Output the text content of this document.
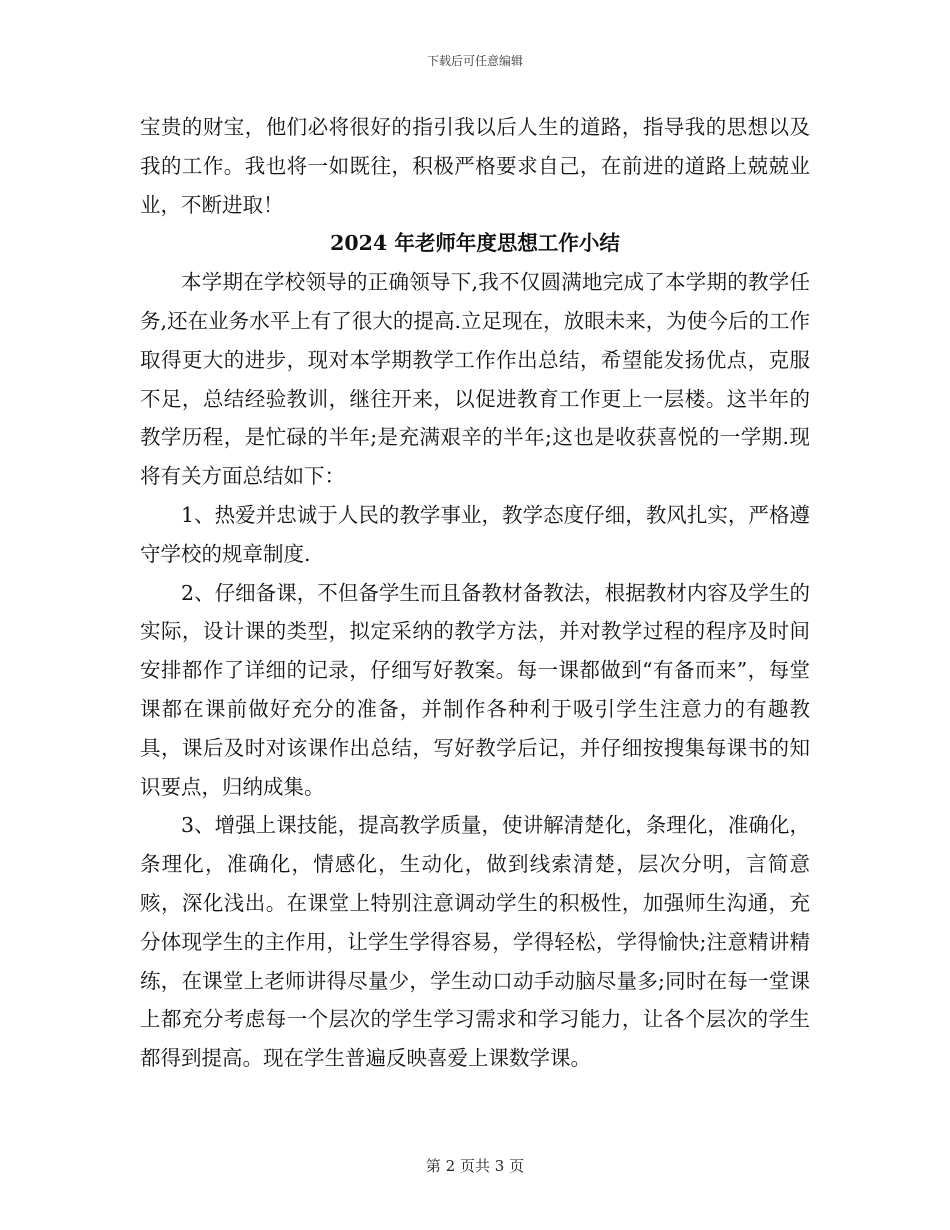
下载后可任意编辑

宝贵的财宝，他们必将很好的指引我以后人生的道路，指导我的思想以及我的工作。我也将一如既往，积极严格要求自己，在前进的道路上兢兢业业，不断进取！

2024 年老师年度思想工作小结

本学期在学校领导的正确领导下,我不仅圆满地完成了本学期的教学任务,还在业务水平上有了很大的提高.立足现在，放眼未来，为使今后的工作取得更大的进步，现对本学期教学工作作出总结，希望能发扬优点，克服不足，总结经验教训，继往开来，以促进教育工作更上一层楼。这半年的教学历程，是忙碌的半年;是充满艰辛的半年;这也是收获喜悦的一学期.现将有关方面总结如下：

1、热爱并忠诚于人民的教学事业，教学态度仔细，教风扎实，严格遵守学校的规章制度.

2、仔细备课，不但备学生而且备教材备教法，根据教材内容及学生的实际，设计课的类型，拟定采纳的教学方法，并对教学过程的程序及时间安排都作了详细的记录，仔细写好教案。每一课都做到“有备而来”，每堂课都在课前做好充分的准备，并制作各种利于吸引学生注意力的有趣教具，课后及时对该课作出总结，写好教学后记，并仔细按搜集每课书的知识要点，归纳成集。

3、增强上课技能，提高教学质量，使讲解清楚化，条理化，准确化，条理化，准确化，情感化，生动化，做到线索清楚，层次分明，言简意赅，深化浅出。在课堂上特别注意调动学生的积极性，加强师生沟通，充分体现学生的主作用，让学生学得容易，学得轻松，学得愉快;注意精讲精练，在课堂上老师讲得尽量少，学生动口动手动脑尽量多;同时在每一堂课上都充分考虑每一个层次的学生学习需求和学习能力，让各个层次的学生都得到提高。现在学生普遍反映喜爱上课数学课。

第 2 页共 3 页
